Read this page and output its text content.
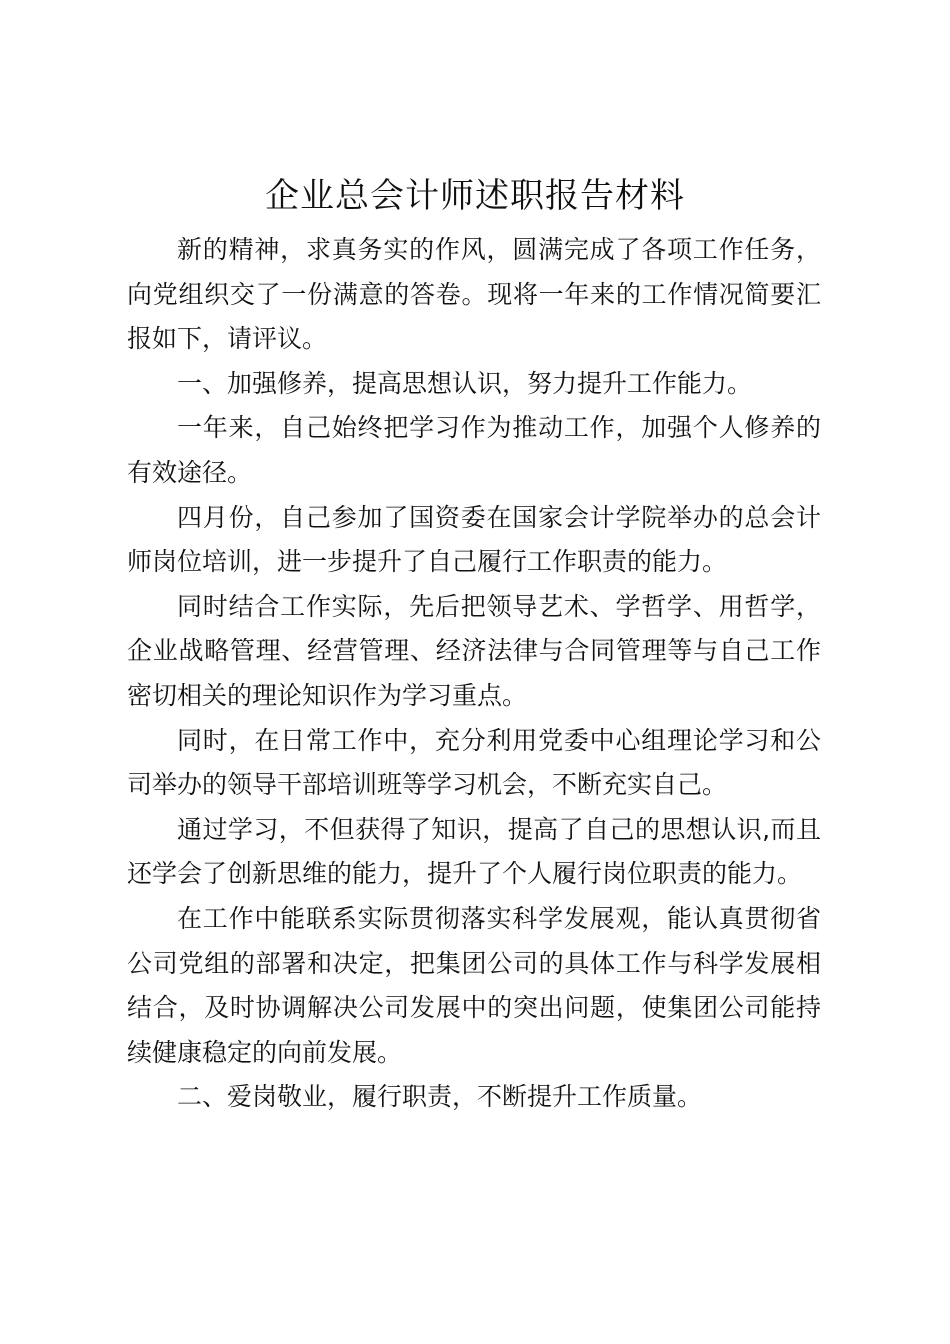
企业总会计师述职报告材料

新的精神，求真务实的作风，圆满完成了各项工作任务，向党组织交了一份满意的答卷。现将一年来的工作情况简要汇报如下，请评议。

一、加强修养，提高思想认识，努力提升工作能力。

一年来，自己始终把学习作为推动工作，加强个人修养的有效途径。

四月份，自己参加了国资委在国家会计学院举办的总会计师岗位培训，进一步提升了自己履行工作职责的能力。

同时结合工作实际，先后把领导艺术、学哲学、用哲学，企业战略管理、经营管理、经济法律与合同管理等与自己工作密切相关的理论知识作为学习重点。

同时，在日常工作中，充分利用党委中心组理论学习和公司举办的领导干部培训班等学习机会，不断充实自己。

通过学习，不但获得了知识，提高了自己的思想认识,而且还学会了创新思维的能力，提升了个人履行岗位职责的能力。

在工作中能联系实际贯彻落实科学发展观，能认真贯彻省公司党组的部署和决定，把集团公司的具体工作与科学发展相结合，及时协调解决公司发展中的突出问题，使集团公司能持续健康稳定的向前发展。

二、爱岗敬业，履行职责，不断提升工作质量。
